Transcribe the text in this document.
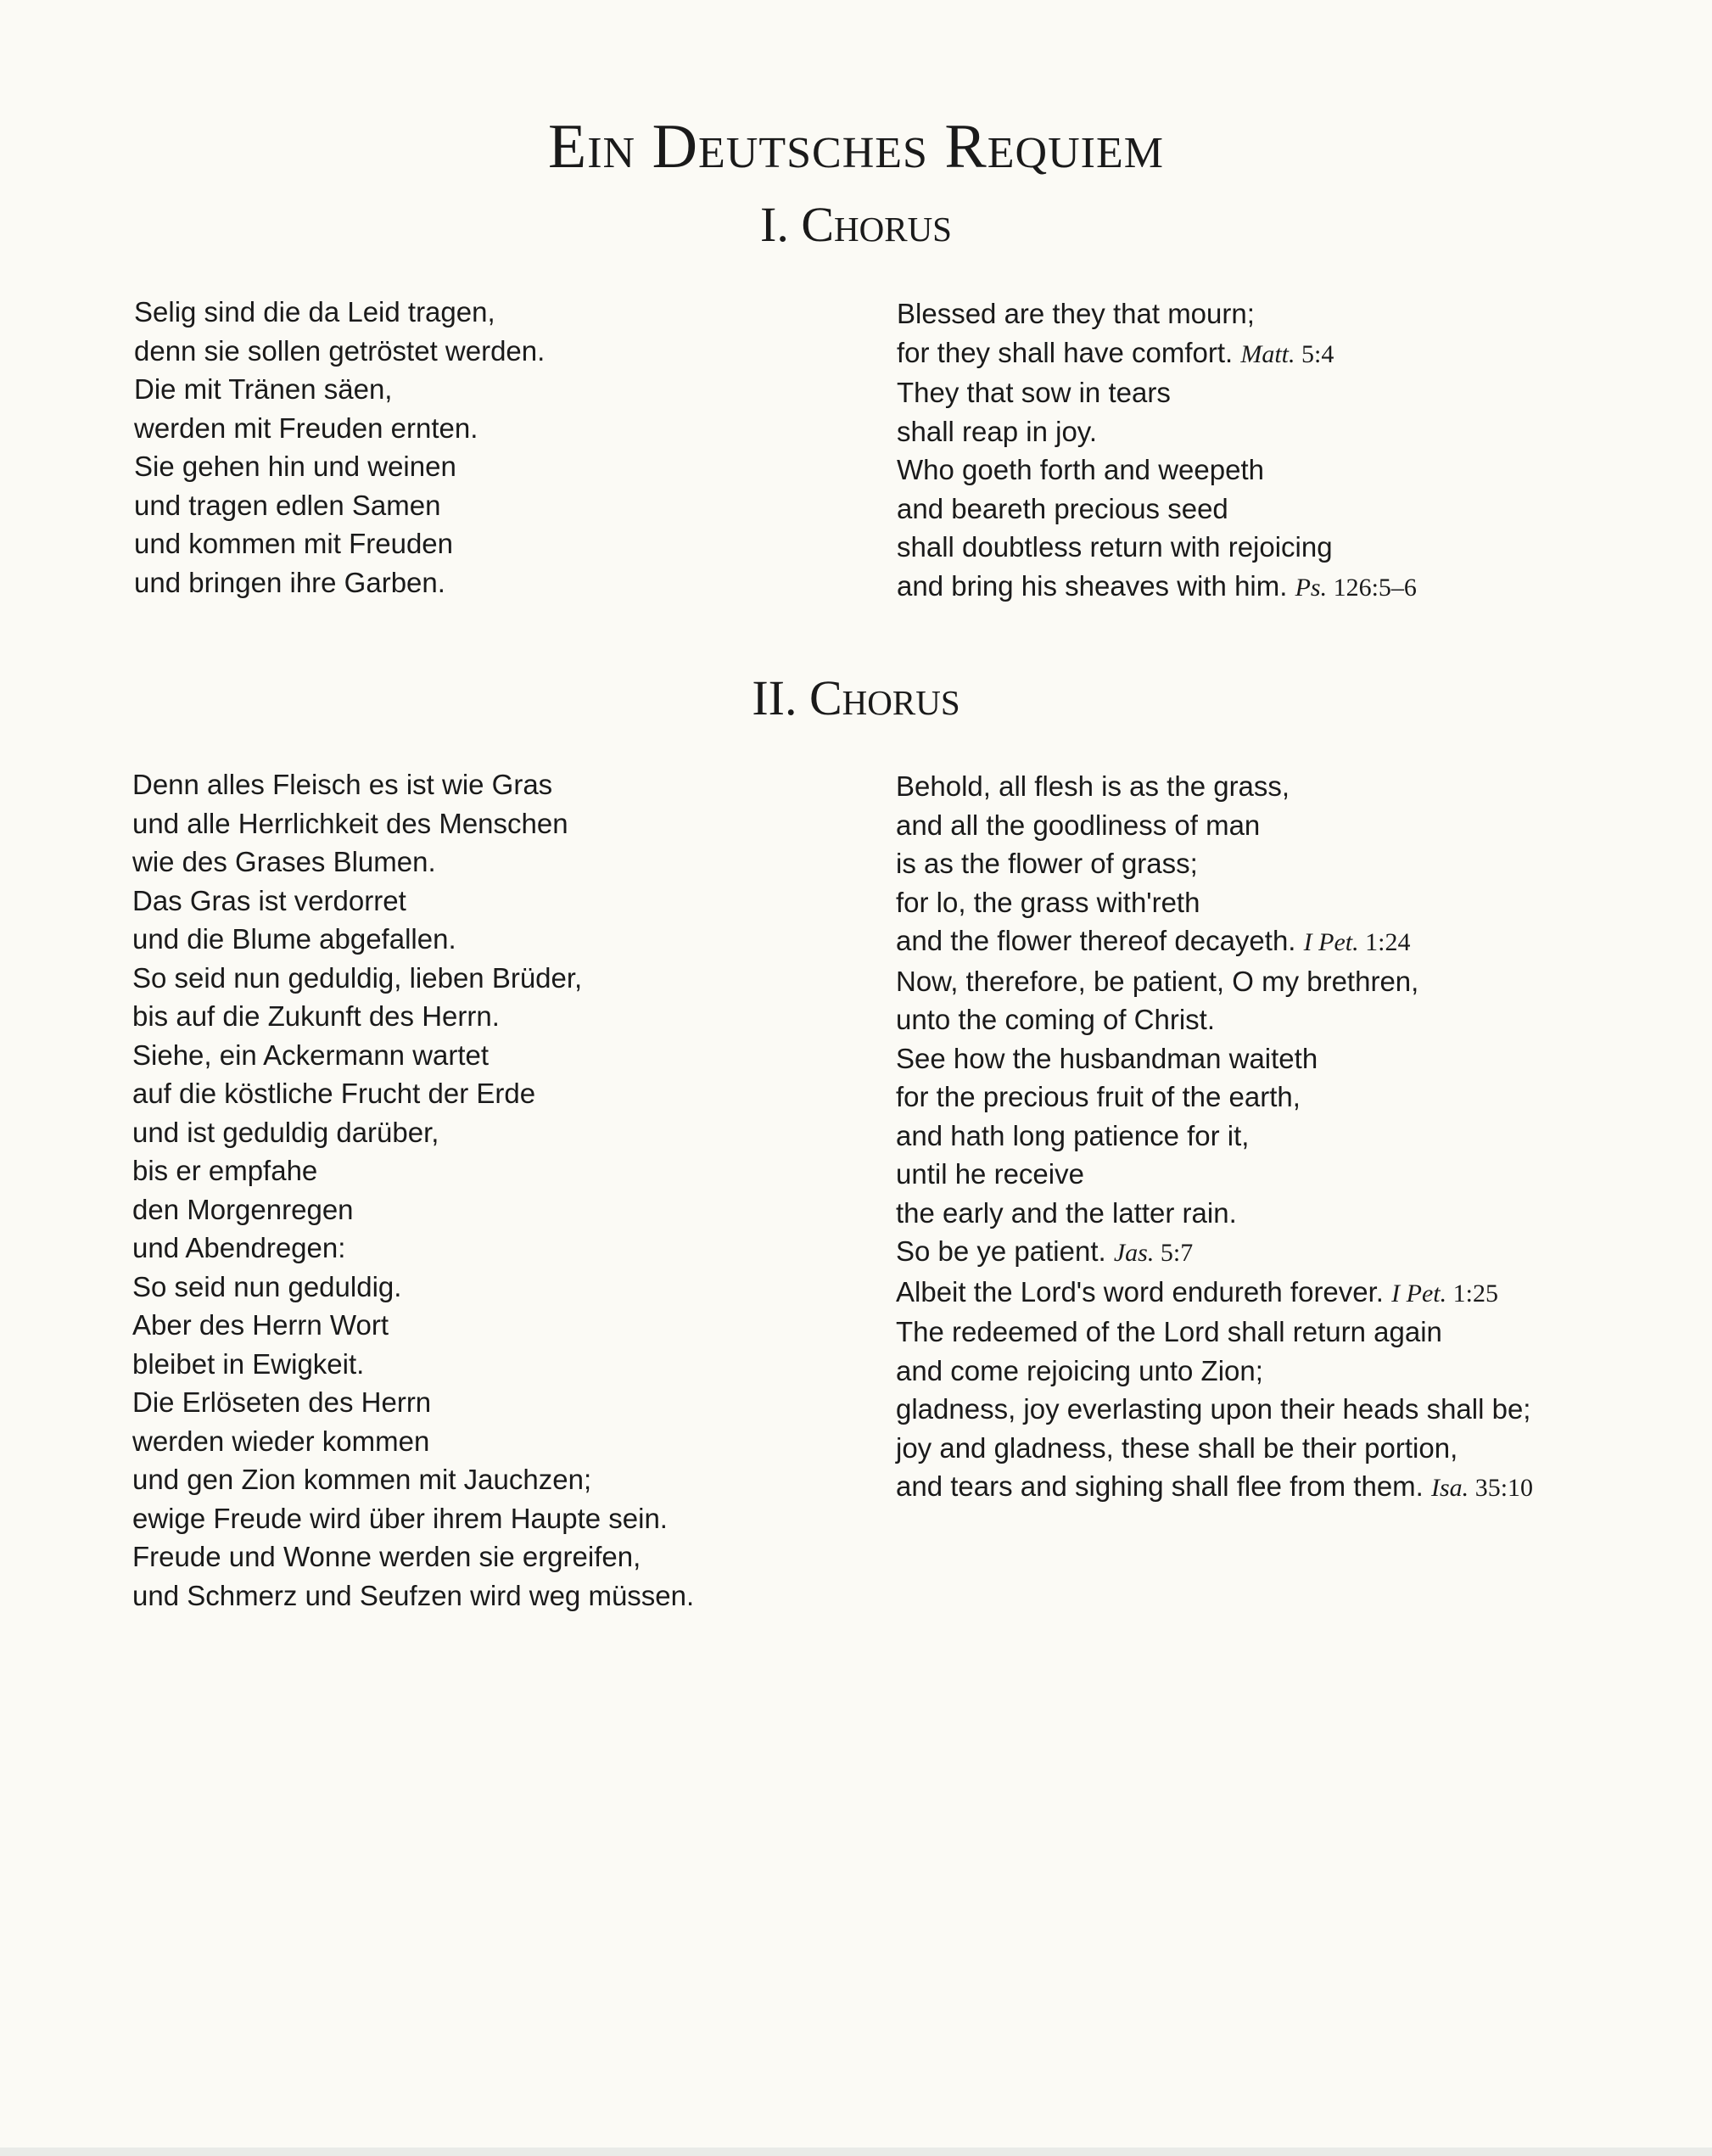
Ein Deutsches Requiem
I. Chorus
Selig sind die da Leid tragen,
denn sie sollen getröstet werden.
Die mit Tränen säen,
werden mit Freuden ernten.
Sie gehen hin und weinen
und tragen edlen Samen
und kommen mit Freuden
und bringen ihre Garben.
Blessed are they that mourn;
for they shall have comfort. Matt. 5:4
They that sow in tears
shall reap in joy.
Who goeth forth and weepeth
and beareth precious seed
shall doubtless return with rejoicing
and bring his sheaves with him. Ps. 126:5–6
II. Chorus
Denn alles Fleisch es ist wie Gras
und alle Herrlichkeit des Menschen
wie des Grases Blumen.
Das Gras ist verdorret
und die Blume abgefallen.
So seid nun geduldig, lieben Brüder,
bis auf die Zukunft des Herrn.
Siehe, ein Ackermann wartet
auf die köstliche Frucht der Erde
und ist geduldig darüber,
bis er empfahe
den Morgenregen
und Abendregen:
So seid nun geduldig.
Aber des Herrn Wort
bleibet in Ewigkeit.
Die Erlöseten des Herrn
werden wieder kommen
und gen Zion kommen mit Jauchzen;
ewige Freude wird über ihrem Haupte sein.
Freude und Wonne werden sie ergreifen,
und Schmerz und Seufzen wird weg müssen.
Behold, all flesh is as the grass,
and all the goodliness of man
is as the flower of grass;
for lo, the grass with'reth
and the flower thereof decayeth. I Pet. 1:24
Now, therefore, be patient, O my brethren,
unto the coming of Christ.
See how the husbandman waiteth
for the precious fruit of the earth,
and hath long patience for it,
until he receive
the early and the latter rain.
So be ye patient. Jas. 5:7
Albeit the Lord's word endureth forever. I Pet. 1:25
The redeemed of the Lord shall return again
and come rejoicing unto Zion;
gladness, joy everlasting upon their heads shall be;
joy and gladness, these shall be their portion,
and tears and sighing shall flee from them. Isa. 35:10
